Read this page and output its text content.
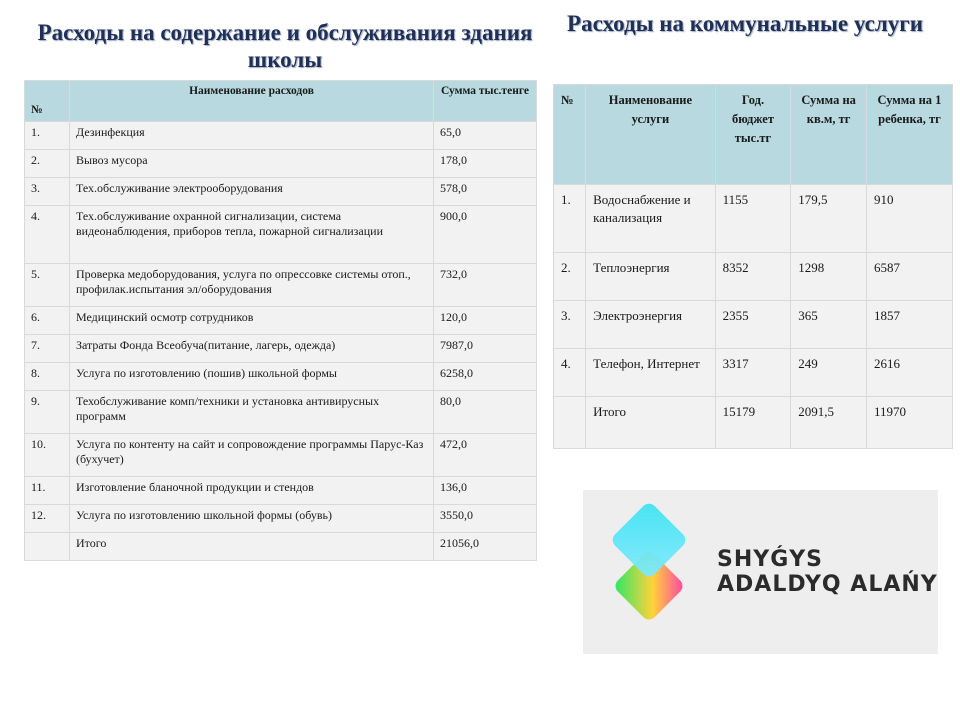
Расходы на содержание и обслуживания здания школы
№	Наименование расходов	Сумма тыс.тенге
1.	Дезинфекция	65,0
2.	Вывоз мусора	178,0
3.	Тех.обслуживание электрооборудования	578,0
4.	Тех.обслуживание охранной сигнализации, система видеонаблюдения, приборов тепла, пожарной сигнализации	900,0
5.	Проверка медоборудования, услуга по опрессовке системы отоп., профилак.испытания эл/оборудования	732,0
6.	Медицинский осмотр сотрудников	120,0
7.	Затраты Фонда Всеобуча(питание, лагерь, одежда)	7987,0
8.	Услуга по изготовлению (пошив) школьной формы	6258,0
9.	Техобслуживание комп/техники и установка антивирусных программ	80,0
10.	Услуга по контенту на сайт и сопровождение программы Парус-Каз (бухучет)	472,0
11.	Изготовление бланочной продукции и стендов	136,0
12.	Услуга по изготовлению школьной формы (обувь)	3550,0
	Итого	21056,0
Расходы на коммунальные услуги
№	Наименование услуги	Год. бюджет тыс.тг	Сумма на кв.м, тг	Сумма на 1 ребенка, тг
1.	Водоснабжение и канализация	1155	179,5	910
2.	Теплоэнергия	8352	1298	6587
3.	Электроэнергия	2355	365	1857
4.	Телефон, Интернет	3317	249	2616
	Итого	15179	2091,5	11970
SHYǴYS
ADALDYQ ALAŃY
